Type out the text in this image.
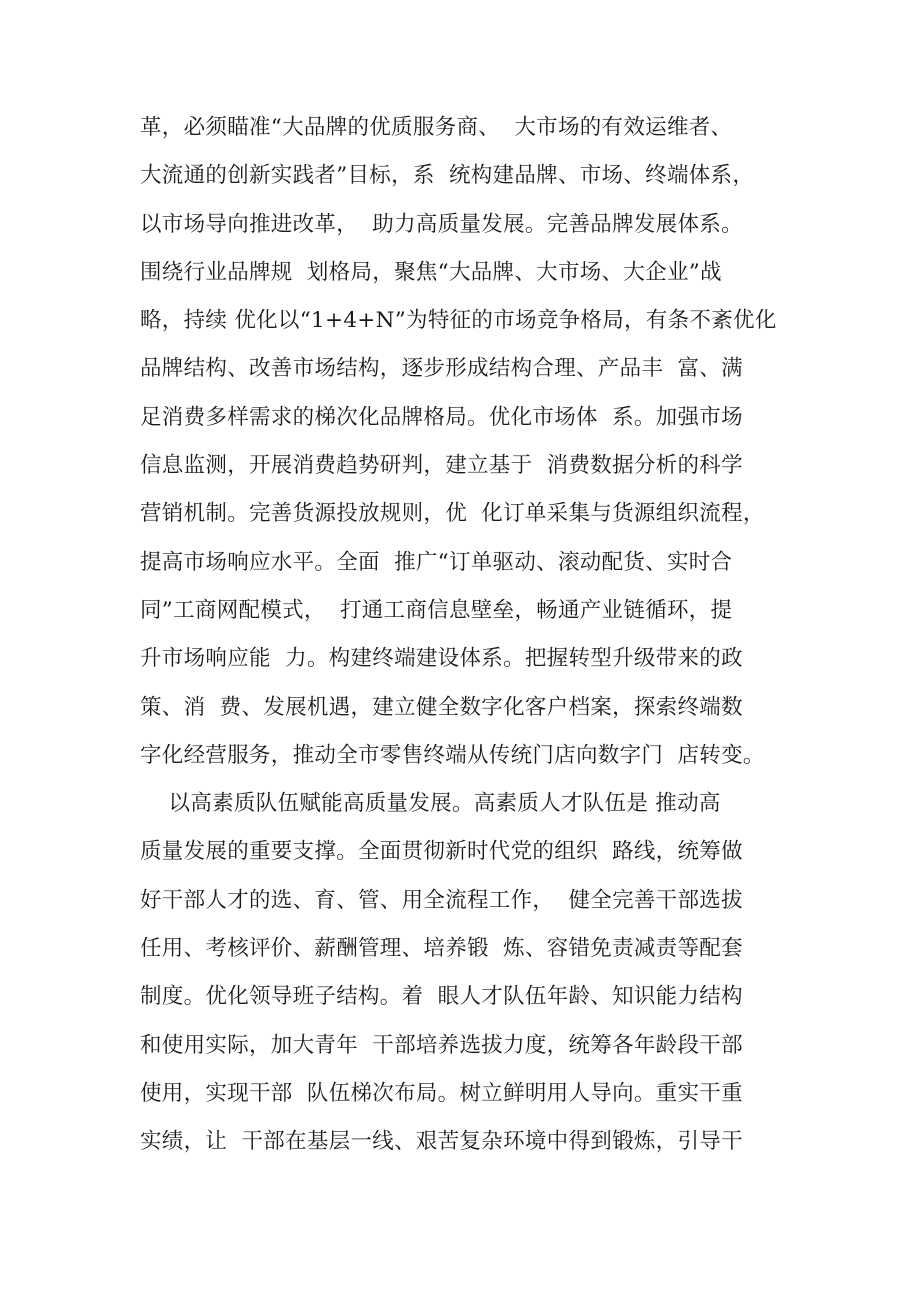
革，必须瞄准“大品牌的优质服务商、  大市场的有效运维者、
大流通的创新实践者”目标，系  统构建品牌、市场、终端体系，
以市场导向推进改革，  助力高质量发展。完善品牌发展体系。
围绕行业品牌规  划格局，聚焦“大品牌、大市场、大企业”战
略，持续 优化以“1+4+N”为特征的市场竞争格局，有条不紊优化
品牌结构、改善市场结构，逐步形成结构合理、产品丰  富、满
足消费多样需求的梯次化品牌格局。优化市场体  系。加强市场
信息监测，开展消费趋势研判，建立基于  消费数据分析的科学
营销机制。完善货源投放规则，优  化订单采集与货源组织流程，
提高市场响应水平。全面  推广“订单驱动、滚动配货、实时合
同”工商网配模式，  打通工商信息壁垒，畅通产业链循环，提
升市场响应能  力。构建终端建设体系。把握转型升级带来的政
策、消  费、发展机遇，建立健全数字化客户档案，探索终端数
字化经营服务，推动全市零售终端从传统门店向数字门  店转变。
以高素质队伍赋能高质量发展。高素质人才队伍是 推动高
质量发展的重要支撑。全面贯彻新时代党的组织  路线，统筹做
好干部人才的选、育、管、用全流程工作，  健全完善干部选拔
任用、考核评价、薪酬管理、培养锻  炼、容错免责减责等配套
制度。优化领导班子结构。着  眼人才队伍年龄、知识能力结构
和使用实际，加大青年  干部培养选拔力度，统筹各年龄段干部
使用，实现干部  队伍梯次布局。树立鲜明用人导向。重实干重
实绩，让  干部在基层一线、艰苦复杂环境中得到锻炼，引导干
